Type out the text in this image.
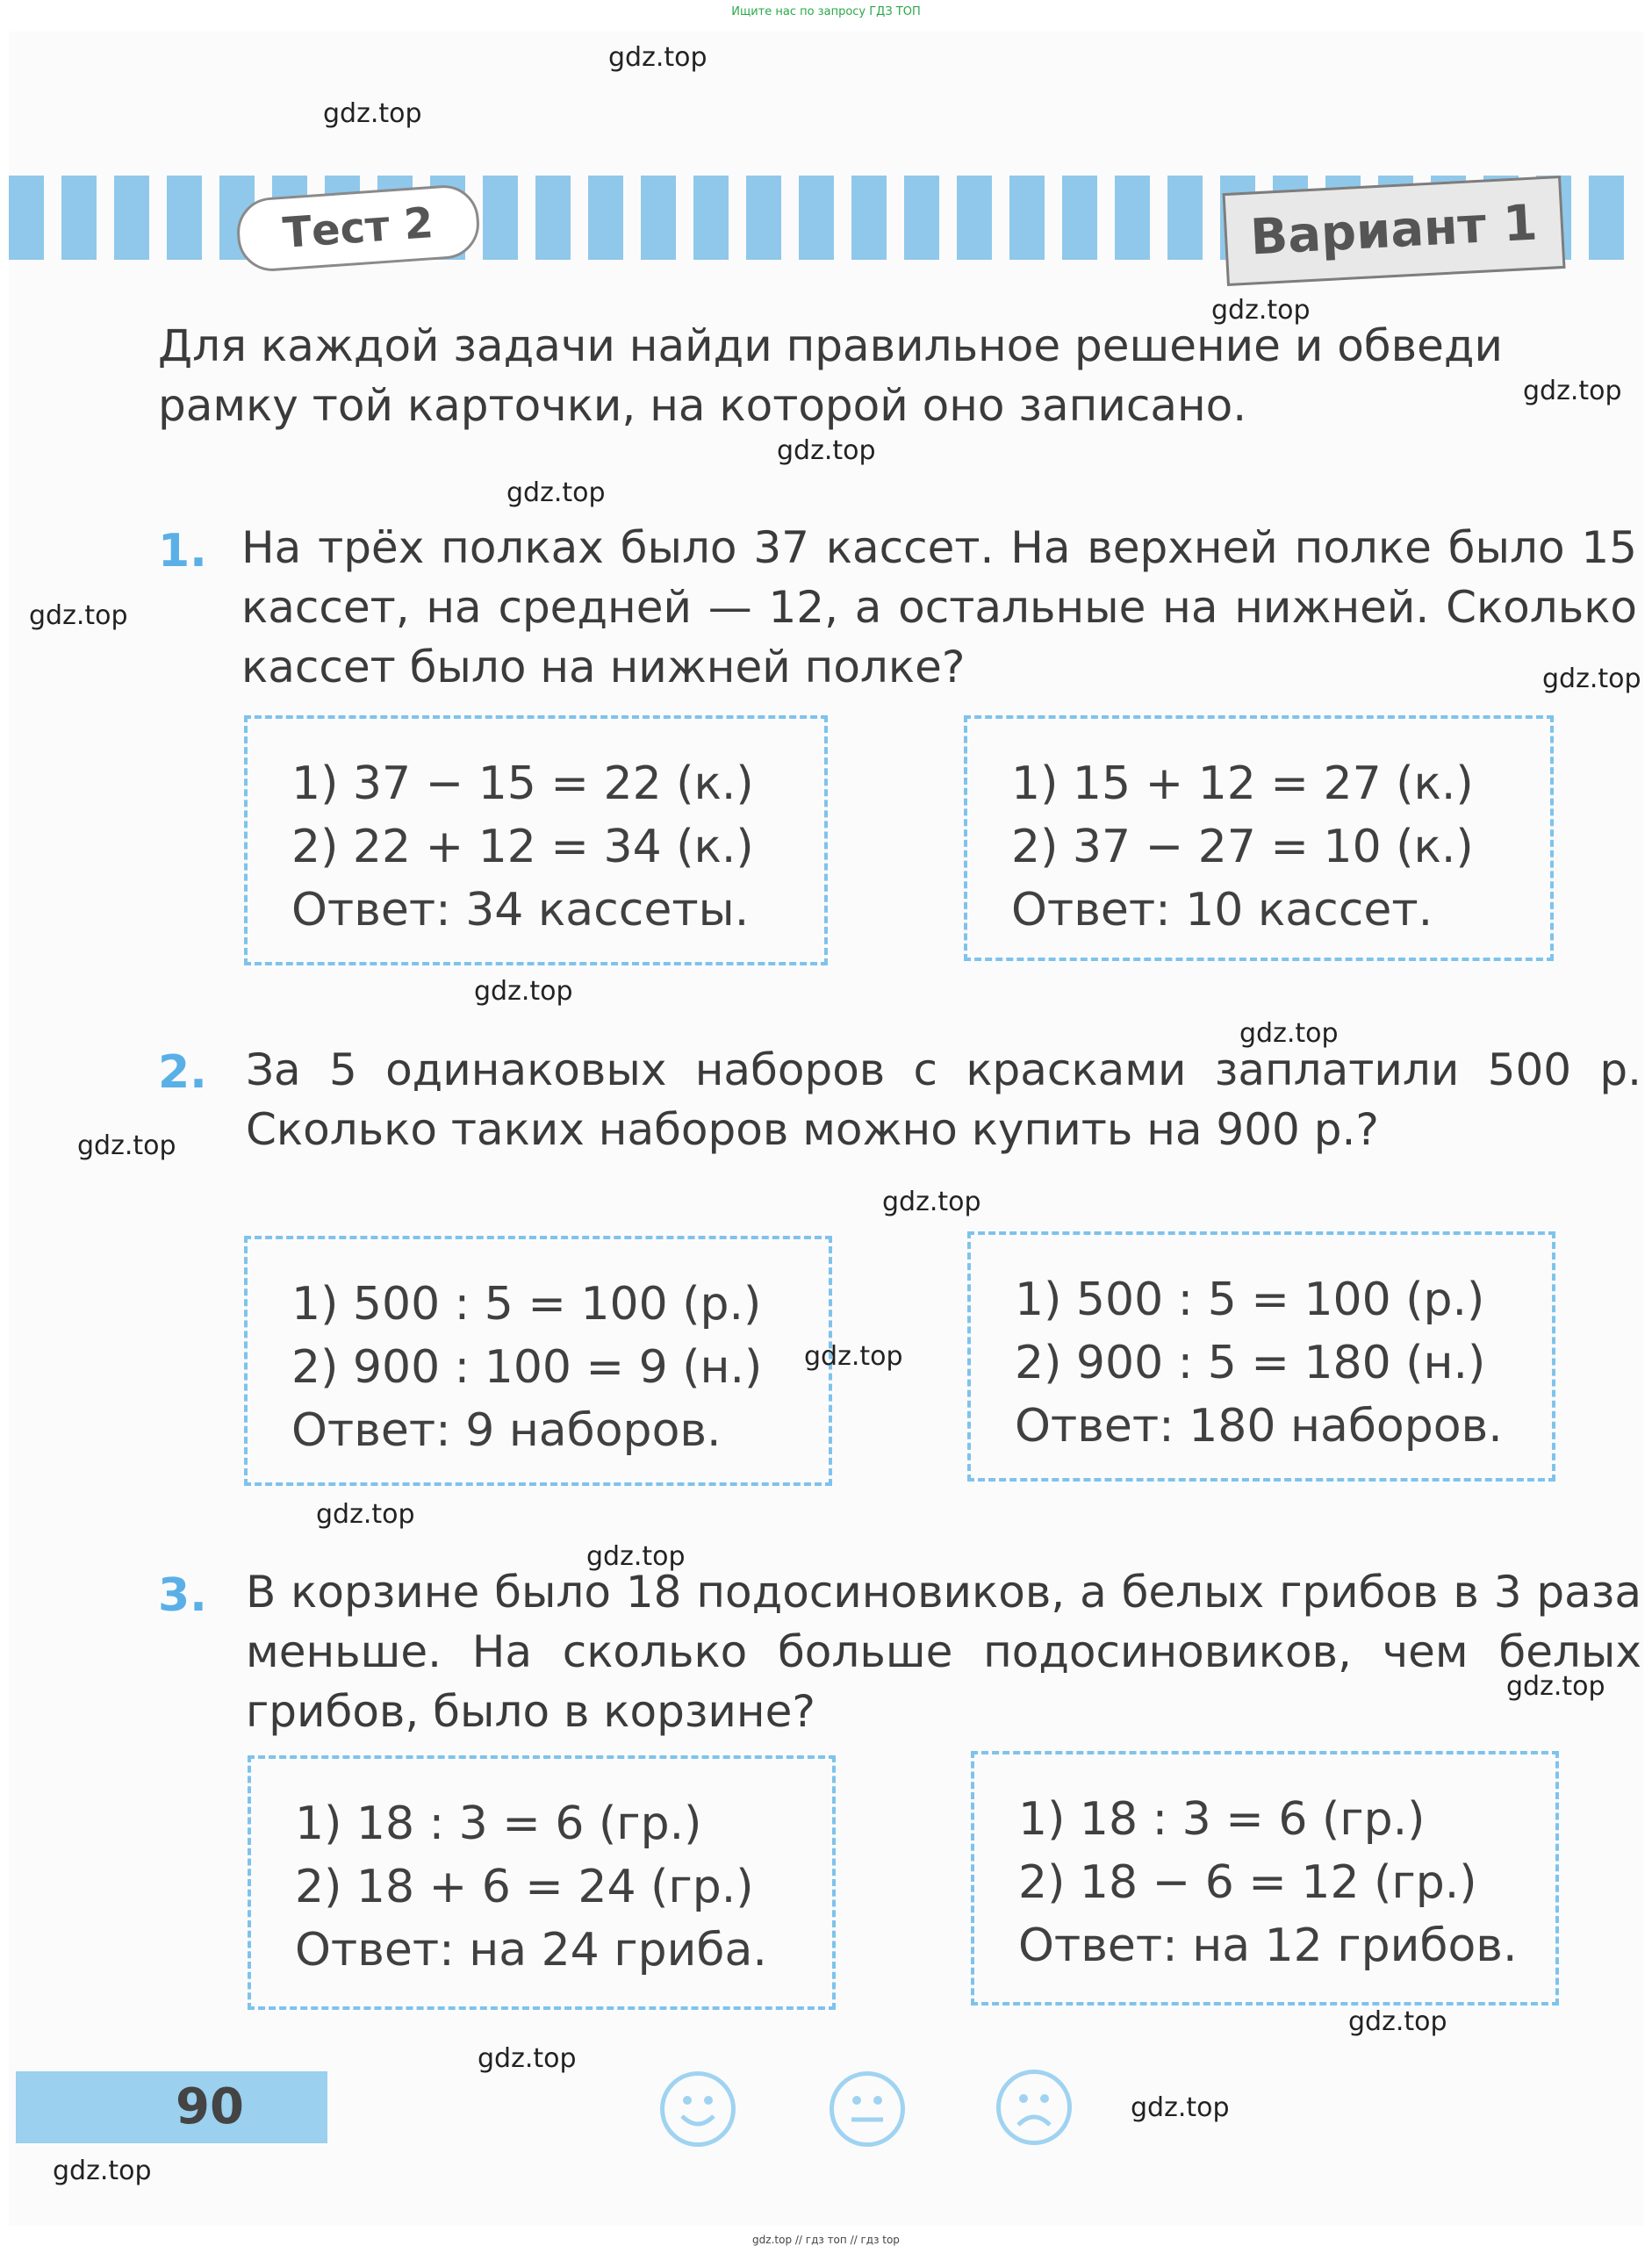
Ищите нас по запросу ГДЗ ТОП
Тест 2	Вариант 1
Для каждой задачи найди правильное решение и обведи рамку той карточки, на которой оно записано.
1. На трёх полках было 37 кассет. На верхней полке было 15 кассет, на средней — 12, а остальные на нижней. Сколько кассет было на нижней полке?
1) 37 − 15 = 22 (к.)
2) 22 + 12 = 34 (к.)
Ответ: 34 кассеты.
1) 15 + 12 = 27 (к.)
2) 37 − 27 = 10 (к.)
Ответ: 10 кассет.
2. За 5 одинаковых наборов с красками заплатили 500 р. Сколько таких наборов можно купить на 900 р.?
1) 500 : 5 = 100 (р.)
2) 900 : 100 = 9 (н.)
Ответ: 9 наборов.
1) 500 : 5 = 100 (р.)
2) 900 : 5 = 180 (н.)
Ответ: 180 наборов.
3. В корзине было 18 подосиновиков, а белых грибов в 3 раза меньше. На сколько больше подосиновиков, чем белых грибов, было в корзине?
1) 18 : 3 = 6 (гр.)
2) 18 + 6 = 24 (гр.)
Ответ: на 24 гриба.
1) 18 : 3 = 6 (гр.)
2) 18 − 6 = 12 (гр.)
Ответ: на 12 грибов.
90
gdz.top
gdz.top
gdz.top
gdz.top
gdz.top
gdz.top
gdz.top
gdz.top
gdz.top
gdz.top
gdz.top
gdz.top
gdz.top
gdz.top
gdz.top
gdz.top
gdz.top
gdz.top
gdz.top
gdz.top
gdz.top // гдз топ // гдз top
